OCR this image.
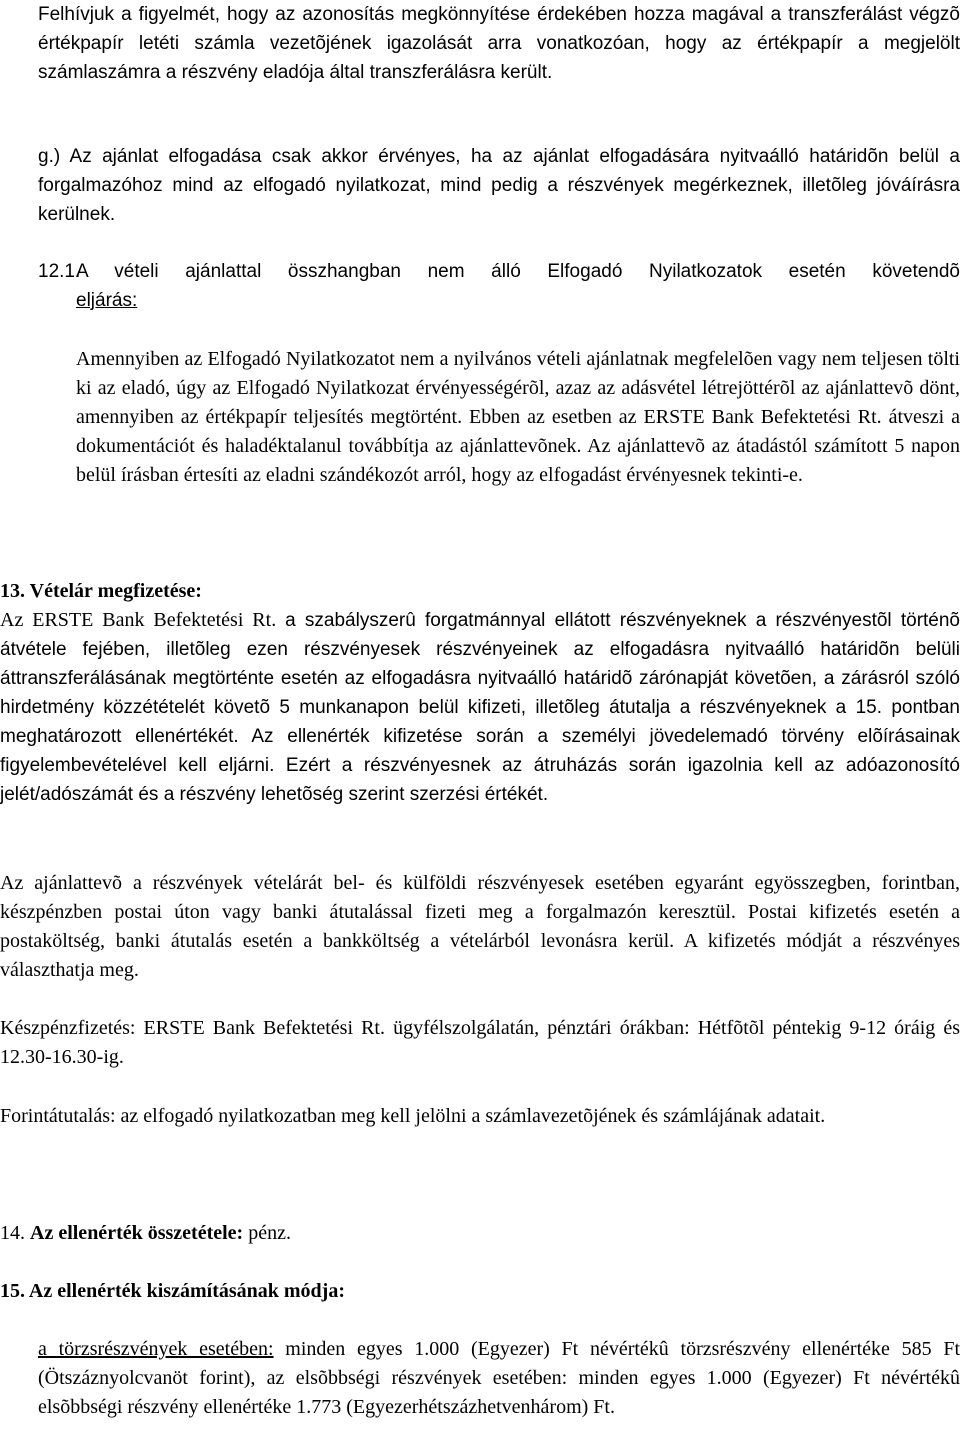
Felhívjuk a figyelmét, hogy az azonosítás megkönnyítése érdekében hozza magával a transzferálást végzõ értékpapír letéti számla vezetõjének igazolását arra vonatkozóan, hogy az értékpapír a megjelölt számlaszámra a részvény eladója által transzferálásra került.

g.) Az ajánlat elfogadása csak akkor érvényes, ha az ajánlat elfogadására nyitvaálló határidõn belül a forgalmazóhoz mind az elfogadó nyilatkozat, mind pedig a részvények megérkeznek, illetõleg jóváírásra kerülnek.

12.1.
A vételi ajánlattal összhangban nem álló Elfogadó Nyilatkozatok esetén követendõ
eljárás:

Amennyiben az Elfogadó Nyilatkozatot nem a nyilvános vételi ajánlatnak megfelelõen vagy nem teljesen tölti ki az eladó, úgy az Elfogadó Nyilatkozat érvényességérõl, azaz az adásvétel létrejöttérõl az ajánlattevõ dönt, amennyiben az értékpapír teljesítés megtörtént. Ebben az esetben az ERSTE Bank Befektetési Rt. átveszi a dokumentációt és haladéktalanul továbbítja az ajánlattevõnek. Az ajánlattevõ az átadástól számított 5 napon belül írásban értesíti az eladni szándékozót arról, hogy az elfogadást érvényesnek tekinti-e.

13. Vételár megfizetése:

Az ERSTE Bank Befektetési Rt. a szabályszerû forgatmánnyal ellátott részvényeknek a részvényestõl történõ átvétele fejében, illetõleg ezen részvényesek részvényeinek az elfogadásra nyitvaálló határidõn belüli áttranszferálásának megtörténte esetén az elfogadásra nyitvaálló határidõ zárónapját követõen, a zárásról szóló hirdetmény közzétételét követõ 5 munkanapon belül kifizeti, illetõleg átutalja a részvényeknek a 15. pontban meghatározott ellenértékét. Az ellenérték kifizetése során a személyi jövedelemadó törvény elõírásainak figyelembevételével kell eljárni. Ezért a részvényesnek az átruházás során igazolnia kell az adóazonosító jelét/adószámát és a részvény lehetõség szerint szerzési értékét.

Az ajánlattevõ a részvények vételárát bel- és külföldi részvényesek esetében egyaránt egyösszegben, forintban, készpénzben postai úton vagy banki átutalással fizeti meg a forgalmazón keresztül. Postai kifizetés esetén a postaköltség, banki átutalás esetén a bankköltség a vételárból levonásra kerül. A kifizetés módját a részvényes választhatja meg.

Készpénzfizetés: ERSTE Bank Befektetési Rt. ügyfélszolgálatán, pénztári órákban: Hétfõtõl péntekig 9-12 óráig és 12.30-16.30-ig.

Forintátutalás: az elfogadó nyilatkozatban meg kell jelölni a számlavezetõjének és számlájának adatait.

14. Az ellenérték összetétele: pénz.
15. Az ellenérték kiszámításának módja:

a törzsrészvények esetében: minden egyes 1.000 (Egyezer) Ft névértékû törzsrészvény ellenértéke 585 Ft (Ötszáznyolcvanöt forint), az elsõbbségi részvények esetében: minden egyes 1.000 (Egyezer) Ft névértékû elsõbbségi részvény ellenértéke 1.773 (Egyezerhétszázhetvenhárom) Ft.
